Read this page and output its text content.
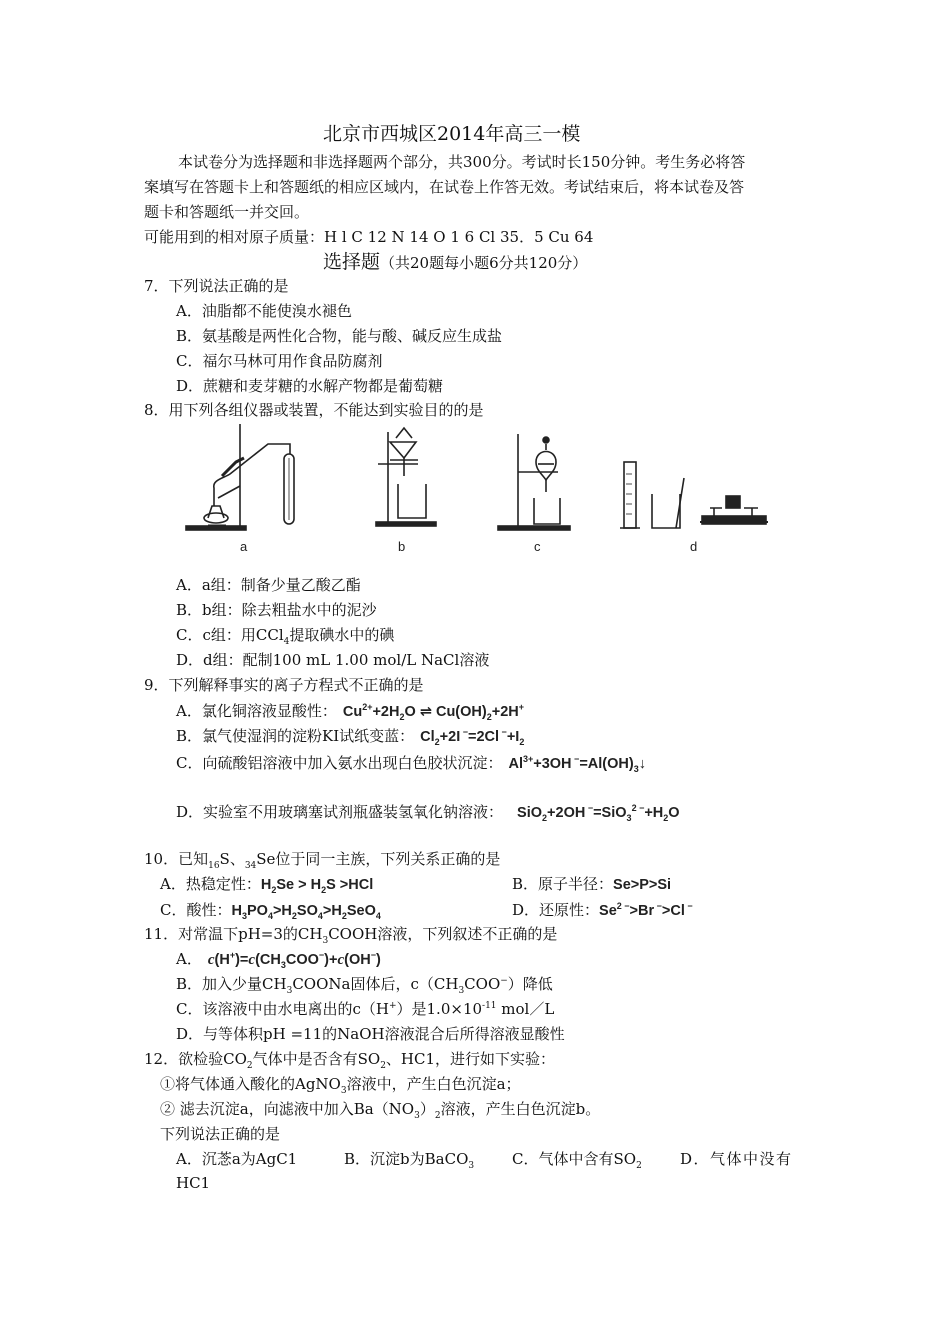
北京市西城区2014年高三一模
本试卷分为选择题和非选择题两个部分，共300分。考试时长150分钟。考生务必将答
案填写在答题卡上和答题纸的相应区域内，在试卷上作答无效。考试结束后，将本试卷及答
题卡和答题纸一并交回。
可能用到的相对原子质量：H l C 12 N 14 O 1 6 Cl 35．5 Cu 64
选择题（共20题每小题6分共120分）
7．下列说法正确的是
A．油脂都不能使溴水褪色
B．氨基酸是两性化合物，能与酸、碱反应生成盐
C．福尔马林可用作食品防腐剂
D．蔗糖和麦芽糖的水解产物都是葡萄糖
8．用下列各组仪器或装置，不能达到实验目的的是
a	b	c	d
A．a组：制备少量乙酸乙酯
B．b组：除去粗盐水中的泥沙
C．c组：用CCl$_4$提取碘水中的碘
D．d组：配制100 mL 1.00 mol/L NaCl溶液
9．下列解释事实的离子方程式不正确的是
A．氯化铜溶液显酸性： $Cu^{2+}+2H_2O$ ⇌ $Cu(OH)_2+2H^+$
B．氯气使湿润的淀粉KI试纸变蓝： $Cl_2+2I$ −=2Cl $^-+I_2$
C．向硫酸铝溶液中加入氨水出现白色胶状沉淀： $Al^{3+}+3OH$ $^-=Al(OH)_3↓$
D．实验室不用玻璃塞试剂瓶盛装氢氧化钠溶液： SiO$_2$+2OH $^-=SiO_3^{2 -}+H_2O$
10．已知$_{16}$S、$_{34}$Se位于同一主族，下列关系正确的是
A．热稳定性：$H_2Se > H_2S >HCl$	B．原子半径：Se>P>Si
C．酸性：$H_3PO_4>H_2SO_4>H_2SeO_4$	D．还原性：$Se^{2 -}>Br$ −>Cl −
11．对常温下pH=3的$CH_3COOH$溶液，下列叙述不正确的是
A． $c(H^+)=c(CH_3COO^-)+c(OH^-)$
B．加入少量$CH_3COONa$固体后，$c(CH_3COO^-)$降低
C．该溶液中由水电离出的c（H+）是$1.0\times 10^{-11}$ mol／L
D．与等体积pH =11的NaOH溶液混合后所得溶液显酸性
12．欲检验$CO_2$气体中是否含有$SO_2$、HC1，进行如下实验：
①将气体通入酸化的AgNO$_3$溶液中，产生白色沉淀a；
② 滤去沉淀a，向滤液中加入$Ba(NO_3)_2$溶液，产生白色沉淀b。
下列说法正确的是
A．沉菍a为AgC1	B．沉淀b为BaCO$_3$	C．气体中含有$SO_2$	D．气体中没有
HC1
